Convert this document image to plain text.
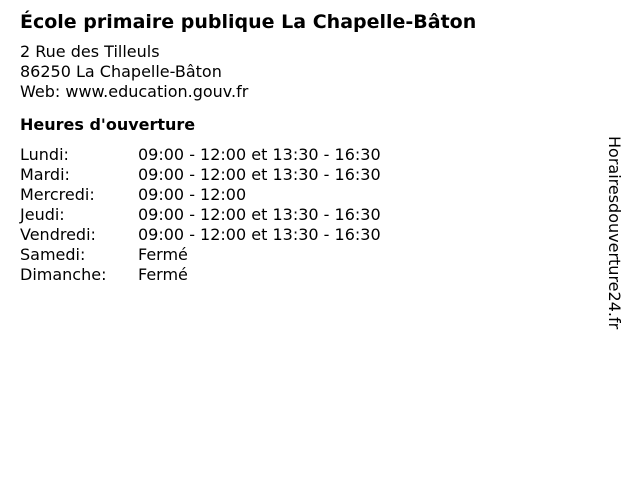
École primaire publique La Chapelle-Bâton
2 Rue des Tilleuls
86250 La Chapelle-Bâton
Web: www.education.gouv.fr
Heures d'ouverture
Lundi:	09:00 - 12:00 et 13:30 - 16:30
Mardi:	09:00 - 12:00 et 13:30 - 16:30
Mercredi:	09:00 - 12:00
Jeudi:	09:00 - 12:00 et 13:30 - 16:30
Vendredi:	09:00 - 12:00 et 13:30 - 16:30
Samedi:	Fermé
Dimanche: Fermé	Horairesdouverture24.fr
